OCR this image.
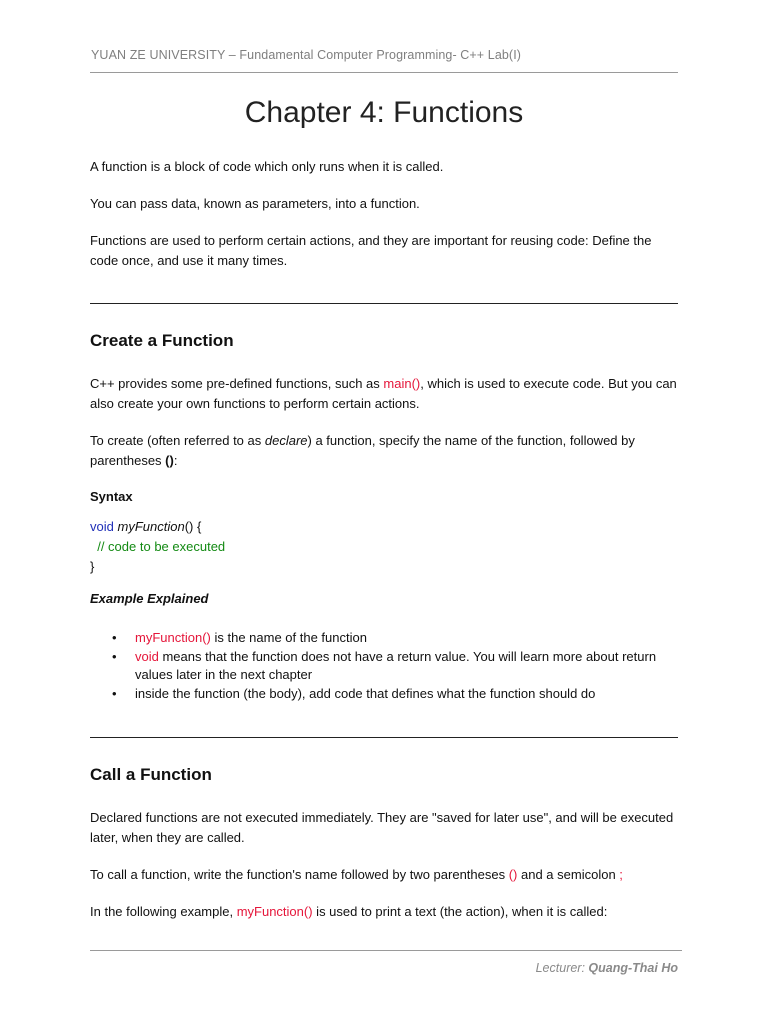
YUAN ZE UNIVERSITY – Fundamental Computer Programming- C++ Lab(I)
Chapter 4: Functions

A function is a block of code which only runs when it is called.

You can pass data, known as parameters, into a function.

Functions are used to perform certain actions, and they are important for reusing code: Define the code once, and use it many times.

Create a Function

C++ provides some pre-defined functions, such as main(), which is used to execute code. But you can also create your own functions to perform certain actions.

To create (often referred to as declare) a function, specify the name of the function, followed by parentheses ():

Syntax
void myFunction() {
// code to be executed
}
Example Explained
• myFunction() is the name of the function
• void means that the function does not have a return value. You will learn more about return values later in the next chapter
• inside the function (the body), add code that defines what the function should do
Call a Function

Declared functions are not executed immediately. They are "saved for later use", and will be executed later, when they are called.

To call a function, write the function's name followed by two parentheses () and a semicolon ;

In the following example, myFunction() is used to print a text (the action), when it is called:

Lecturer: Quang-Thai Ho
